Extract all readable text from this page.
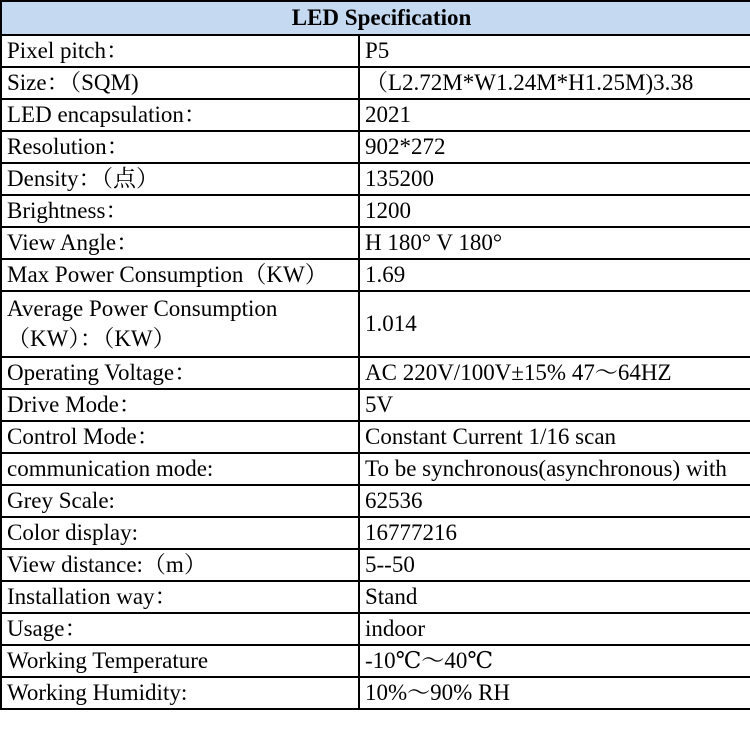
LED Specification	
Pixel pitch：	P5
Size：（SQM)	（L2.72M*W1.24M*H1.25M)3.38
LED encapsulation：	2021
Resolution：	902*272
Density：（点）	135200
Brightness：	1200
View Angle：	H 180° V 180°
Max Power Consumption（KW）	1.69
Average Power Consumption （KW）：（KW）	1.014
Operating Voltage：	AC 220V/100V±15% 47～64HZ
Drive Mode：	5V
Control Mode：	Constant Current 1/16 scan
communication mode:	To be synchronous(asynchronous) with
Grey Scale:	62536
Color display:	16777216
View distance:（m）	5--50
Installation way：	Stand
Usage：	indoor
Working Temperature	-10℃～40℃
Working Humidity:	10%～90% RH
